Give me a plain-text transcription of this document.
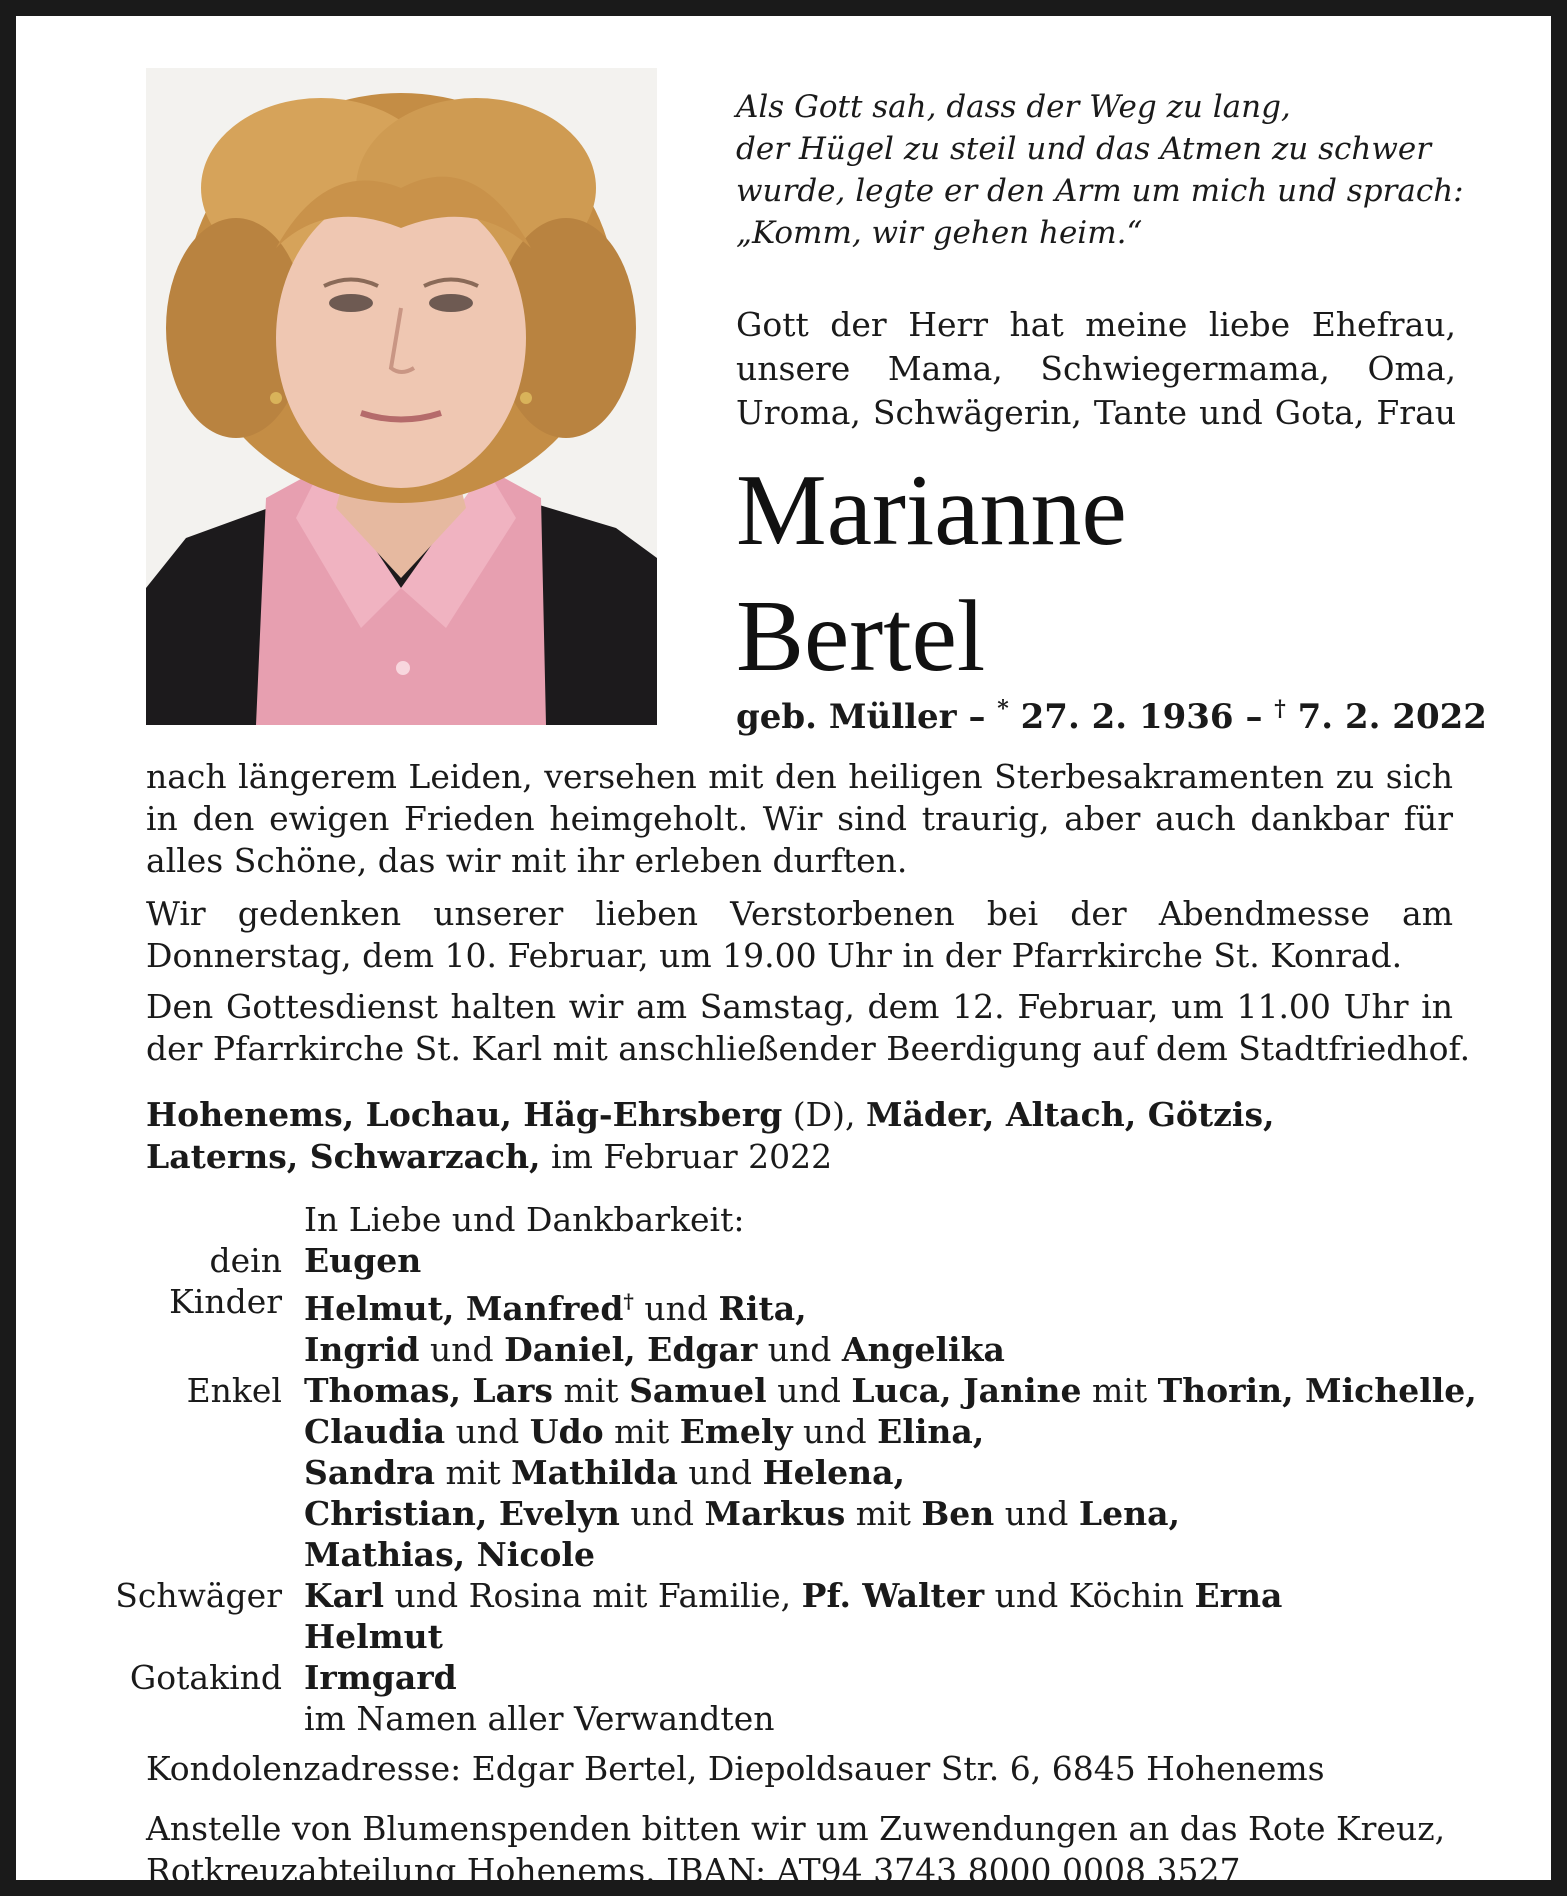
Als Gott sah, dass der Weg zu lang,
der Hügel zu steil und das Atmen zu schwer
wurde, legte er den Arm um mich und sprach:
„Komm, wir gehen heim.“
Gott der Herr hat meine liebe Ehefrau,
unsere Mama, Schwiegermama, Oma,
Uroma, Schwägerin, Tante und Gota, Frau
Marianne
Bertel
geb. Müller – * 27. 2. 1936 – † 7. 2. 2022
nach längerem Leiden, versehen mit den heiligen Sterbesakramenten zu sich
in den ewigen Frieden heimgeholt. Wir sind traurig, aber auch dankbar für
alles Schöne, das wir mit ihr erleben durften.
Wir gedenken unserer lieben Verstorbenen bei der Abendmesse am
Donnerstag, dem 10. Februar, um 19.00 Uhr in der Pfarrkirche St. Konrad.
Den Gottesdienst halten wir am Samstag, dem 12. Februar, um 11.00 Uhr in
der Pfarrkirche St. Karl mit anschließender Beerdigung auf dem Stadtfriedhof.
Hohenems, Lochau, Häg-Ehrsberg (D), Mäder, Altach, Götzis,
Laterns, Schwarzach, im Februar 2022
In Liebe und Dankbarkeit:
dein Eugen
Kinder Helmut, Manfred† und Rita,
Ingrid und Daniel, Edgar und Angelika
Enkel Thomas, Lars mit Samuel und Luca, Janine mit Thorin, Michelle,
Claudia und Udo mit Emely und Elina,
Sandra mit Mathilda und Helena,
Christian, Evelyn und Markus mit Ben und Lena,
Mathias, Nicole
Schwäger Karl und Rosina mit Familie, Pf. Walter und Köchin Erna
Helmut
Gotakind Irmgard
im Namen aller Verwandten
Kondolenzadresse: Edgar Bertel, Diepoldsauer Str. 6, 6845 Hohenems
Anstelle von Blumenspenden bitten wir um Zuwendungen an das Rote Kreuz,
Rotkreuzabteilung Hohenems. IBAN: AT94 3743 8000 0008 3527
